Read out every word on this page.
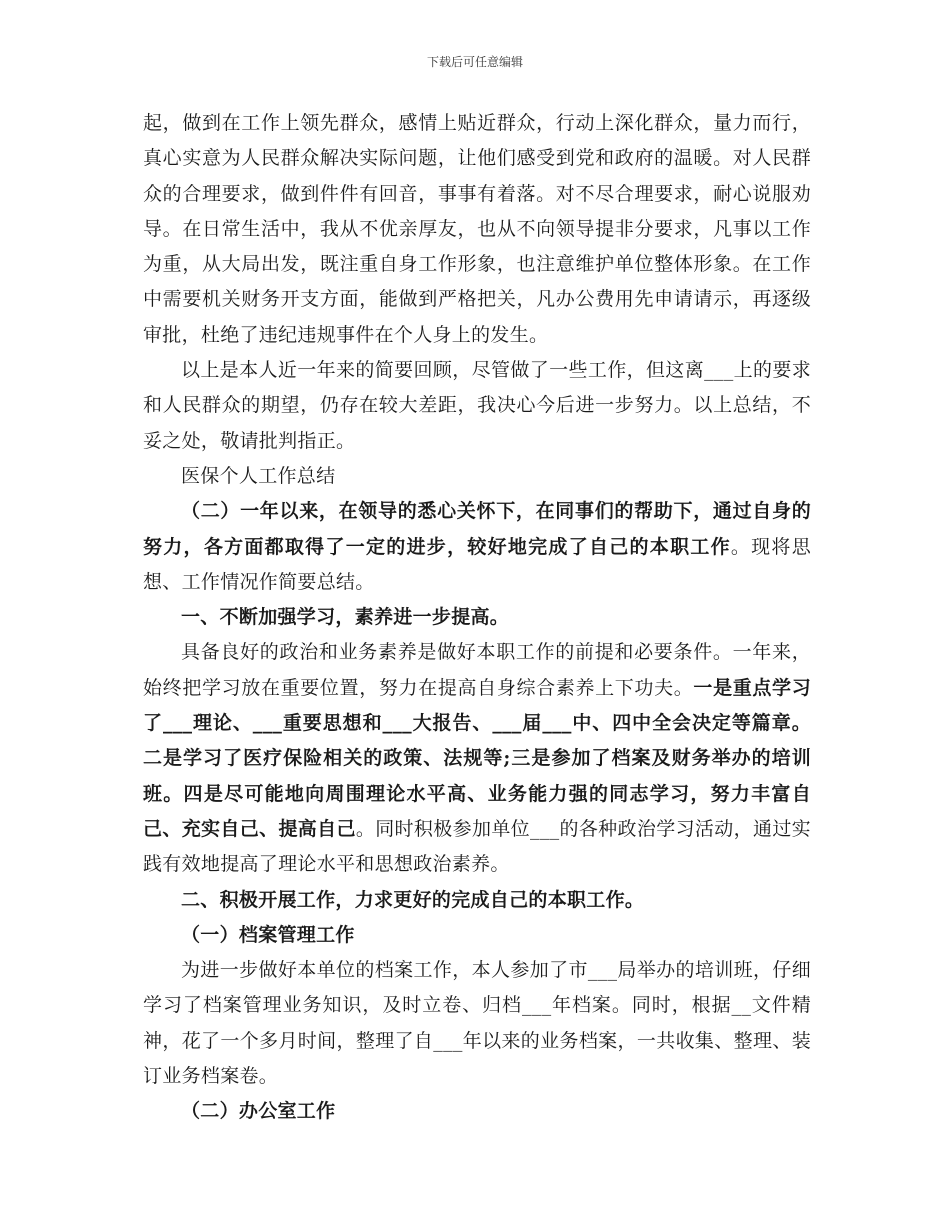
下载后可任意编辑

起，做到在工作上领先群众，感情上贴近群众，行动上深化群众，量力而行，真心实意为人民群众解决实际问题，让他们感受到党和政府的温暖。对人民群众的合理要求，做到件件有回音，事事有着落。对不尽合理要求，耐心说服劝导。在日常生活中，我从不优亲厚友，也从不向领导提非分要求，凡事以工作为重，从大局出发，既注重自身工作形象，也注意维护单位整体形象。在工作中需要机关财务开支方面，能做到严格把关，凡办公费用先申请请示，再逐级审批，杜绝了违纪违规事件在个人身上的发生。

以上是本人近一年来的简要回顾，尽管做了一些工作，但这离___上的要求和人民群众的期望，仍存在较大差距，我决心今后进一步努力。以上总结，不妥之处，敬请批判指正。

医保个人工作总结

（二）一年以来，在领导的悉心关怀下，在同事们的帮助下，通过自身的努力，各方面都取得了一定的进步，较好地完成了自己的本职工作。现将思想、工作情况作简要总结。

一、不断加强学习，素养进一步提高。

具备良好的政治和业务素养是做好本职工作的前提和必要条件。一年来，始终把学习放在重要位置，努力在提高自身综合素养上下功夫。一是重点学习了___理论、___重要思想和___大报告、___届___中、四中全会决定等篇章。二是学习了医疗保险相关的政策、法规等;三是参加了档案及财务举办的培训班。四是尽可能地向周围理论水平高、业务能力强的同志学习，努力丰富自己、充实自己、提高自己。同时积极参加单位___的各种政治学习活动，通过实践有效地提高了理论水平和思想政治素养。

二、积极开展工作，力求更好的完成自己的本职工作。

（一）档案管理工作

为进一步做好本单位的档案工作，本人参加了市___局举办的培训班，仔细学习了档案管理业务知识，及时立卷、归档___年档案。同时，根据__文件精神，花了一个多月时间，整理了自___年以来的业务档案，一共收集、整理、装订业务档案卷。

（二）办公室工作
